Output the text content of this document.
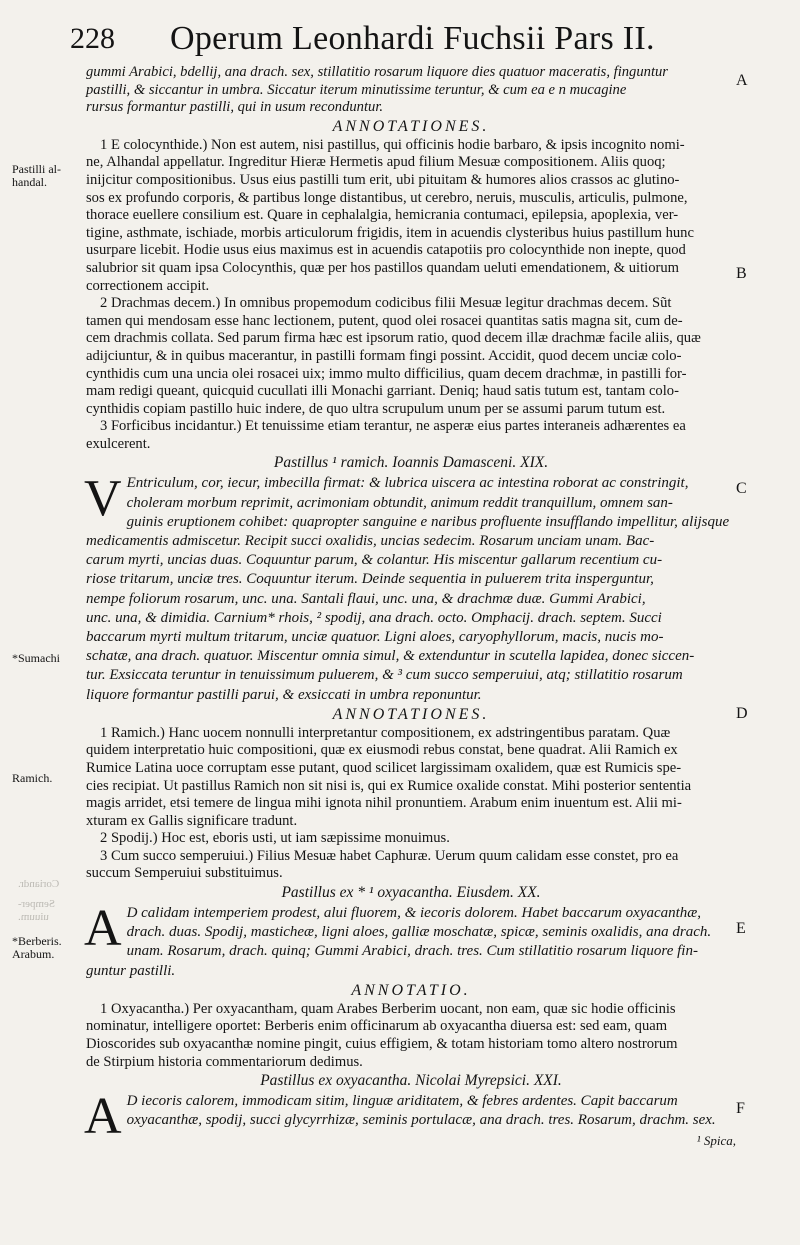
228 Operum Leonhardi Fuchsii Pars II.
A
B
C
D
E
F
Pastilli al-
handal.
*Sumachi
Ramich.
*Berberis.
Arabum.
Coriandr.
Semper-
uiuum.
gummi Arabici, bdellij, ana drach. sex, stillatitio rosarum liquore dies quatuor maceratis, finguntur
pastilli, & siccantur in umbra. Siccatur iterum minutissime teruntur, & cum ea e n mucagine
rursus formantur pastilli, qui in usum reconduntur.
ANNOTATIONES.
1 E colocynthide.) Non est autem, nisi pastillus, qui officinis hodie barbaro, & ipsis incognito nomi-
ne, Alhandal appellatur. Ingreditur Hieræ Hermetis apud filium Mesuæ compositionem. Aliis quoq;
inijcitur compositionibus. Usus eius pastilli tum erit, ubi pituitam & humores alios crassos ac glutino-
sos ex profundo corporis, & partibus longe distantibus, ut cerebro, neruis, musculis, articulis, pulmone,
thorace euellere consilium est. Quare in cephalalgia, hemicrania contumaci, epilepsia, apoplexia, ver-
tigine, asthmate, ischiade, morbis articulorum frigidis, item in acuendis clysteribus huius pastillum hunc
usurpare licebit. Hodie usus eius maximus est in acuendis catapotiis pro colocynthide non inepte, quod
salubrior sit quam ipsa Colocynthis, quæ per hos pastillos quandam ueluti emendationem, & uitiorum
correctionem accipit.
2 Drachmas decem.) In omnibus propemodum codicibus filii Mesuæ legitur drachmas decem. Sũt
tamen qui mendosam esse hanc lectionem, putent, quod olei rosacei quantitas satis magna sit, cum de-
cem drachmis collata. Sed parum firma hæc est ipsorum ratio, quod decem illæ drachmæ facile aliis, quæ
adijciuntur, & in quibus macerantur, in pastilli formam fingi possint. Accidit, quod decem unciæ colo-
cynthidis cum una uncia olei rosacei uix; immo multo difficilius, quam decem drachmæ, in pastilli for-
mam redigi queant, quicquid cucullati illi Monachi garriant. Deniq; haud satis tutum est, tantam colo-
cynthidis copiam pastillo huic indere, de quo ultra scrupulum unum per se assumi parum tutum est.
3 Forficibus incidantur.) Et tenuissime etiam terantur, ne asperæ eius partes interaneis adhærentes ea
exulcerent.
Pastillus ¹ ramich. Ioannis Damasceni. XIX.
V Entriculum, cor, iecur, imbecilla firmat: & lubrica uiscera ac intestina roborat ac constringit,
choleram morbum reprimit, acrimoniam obtundit, animum reddit tranquillum, omnem san-
guinis eruptionem cohibet: quapropter sanguine e naribus profluente insufflando impellitur, alijsque
medicamentis admiscetur. Recipit succi oxalidis, uncias sedecim. Rosarum unciam unam. Bac-
carum myrti, uncias duas. Coquuntur parum, & colantur. His miscentur gallarum recentium cu-
riose tritarum, unciæ tres. Coquuntur iterum. Deinde sequentia in puluerem trita insperguntur,
nempe foliorum rosarum, unc. una. Santali flaui, unc. una, & drachmæ duæ. Gummi Arabici,
unc. una, & dimidia. Carnium* rhois, ² spodij, ana drach. octo. Omphacij. drach. septem. Succi
baccarum myrti multum tritarum, unciæ quatuor. Ligni aloes, caryophyllorum, macis, nucis mo-
schatæ, ana drach. quatuor. Miscentur omnia simul, & extenduntur in scutella lapidea, donec siccen-
tur. Exsiccata teruntur in tenuissimum puluerem, & ³ cum succo semperuiui, atq; stillatitio rosarum
liquore formantur pastilli parui, & exsiccati in umbra reponuntur.
ANNOTATIONES.
1 Ramich.) Hanc uocem nonnulli interpretantur compositionem, ex adstringentibus paratam. Quæ
quidem interpretatio huic compositioni, quæ ex eiusmodi rebus constat, bene quadrat. Alii Ramich ex
Rumice Latina uoce corruptam esse putant, quod scilicet largissimam oxalidem, quæ est Rumicis spe-
cies recipiat. Ut pastillus Ramich non sit nisi is, qui ex Rumice oxalide constat. Mihi posterior sententia
magis arridet, etsi temere de lingua mihi ignota nihil pronuntiem. Arabum enim inuentum est. Alii mi-
xturam ex Gallis significare tradunt.
2 Spodij.) Hoc est, eboris usti, ut iam sæpissime monuimus.
3 Cum succo semperuiui.) Filius Mesuæ habet Caphuræ. Uerum quum calidam esse constet, pro ea
succum Semperuiui substituimus.
Pastillus ex * ¹ oxyacantha. Eiusdem. XX.
A D calidam intemperiem prodest, alui fluorem, & iecoris dolorem. Habet baccarum oxyacanthæ,
drach. duas. Spodij, masticheæ, ligni aloes, galliæ moschatæ, spicæ, seminis oxalidis, ana drach.
unam. Rosarum, drach. quinq; Gummi Arabici, drach. tres. Cum stillatitio rosarum liquore fin-
guntur pastilli.
ANNOTATIO.
1 Oxyacantha.) Per oxyacantham, quam Arabes Berberim uocant, non eam, quæ sic hodie officinis
nominatur, intelligere oportet: Berberis enim officinarum ab oxyacantha diuersa est: sed eam, quam
Dioscorides sub oxyacanthæ nomine pingit, cuius effigiem, & totam historiam tomo altero nostrorum
de Stirpium historia commentariorum dedimus.
Pastillus ex oxyacantha. Nicolai Myrepsici. XXI.
A D iecoris calorem, immodicam sitim, linguæ ariditatem, & febres ardentes. Capit baccarum
oxyacanthæ, spodij, succi glycyrrhizæ, seminis portulacæ, ana drach. tres. Rosarum, drachm. sex.
¹ Spica,
